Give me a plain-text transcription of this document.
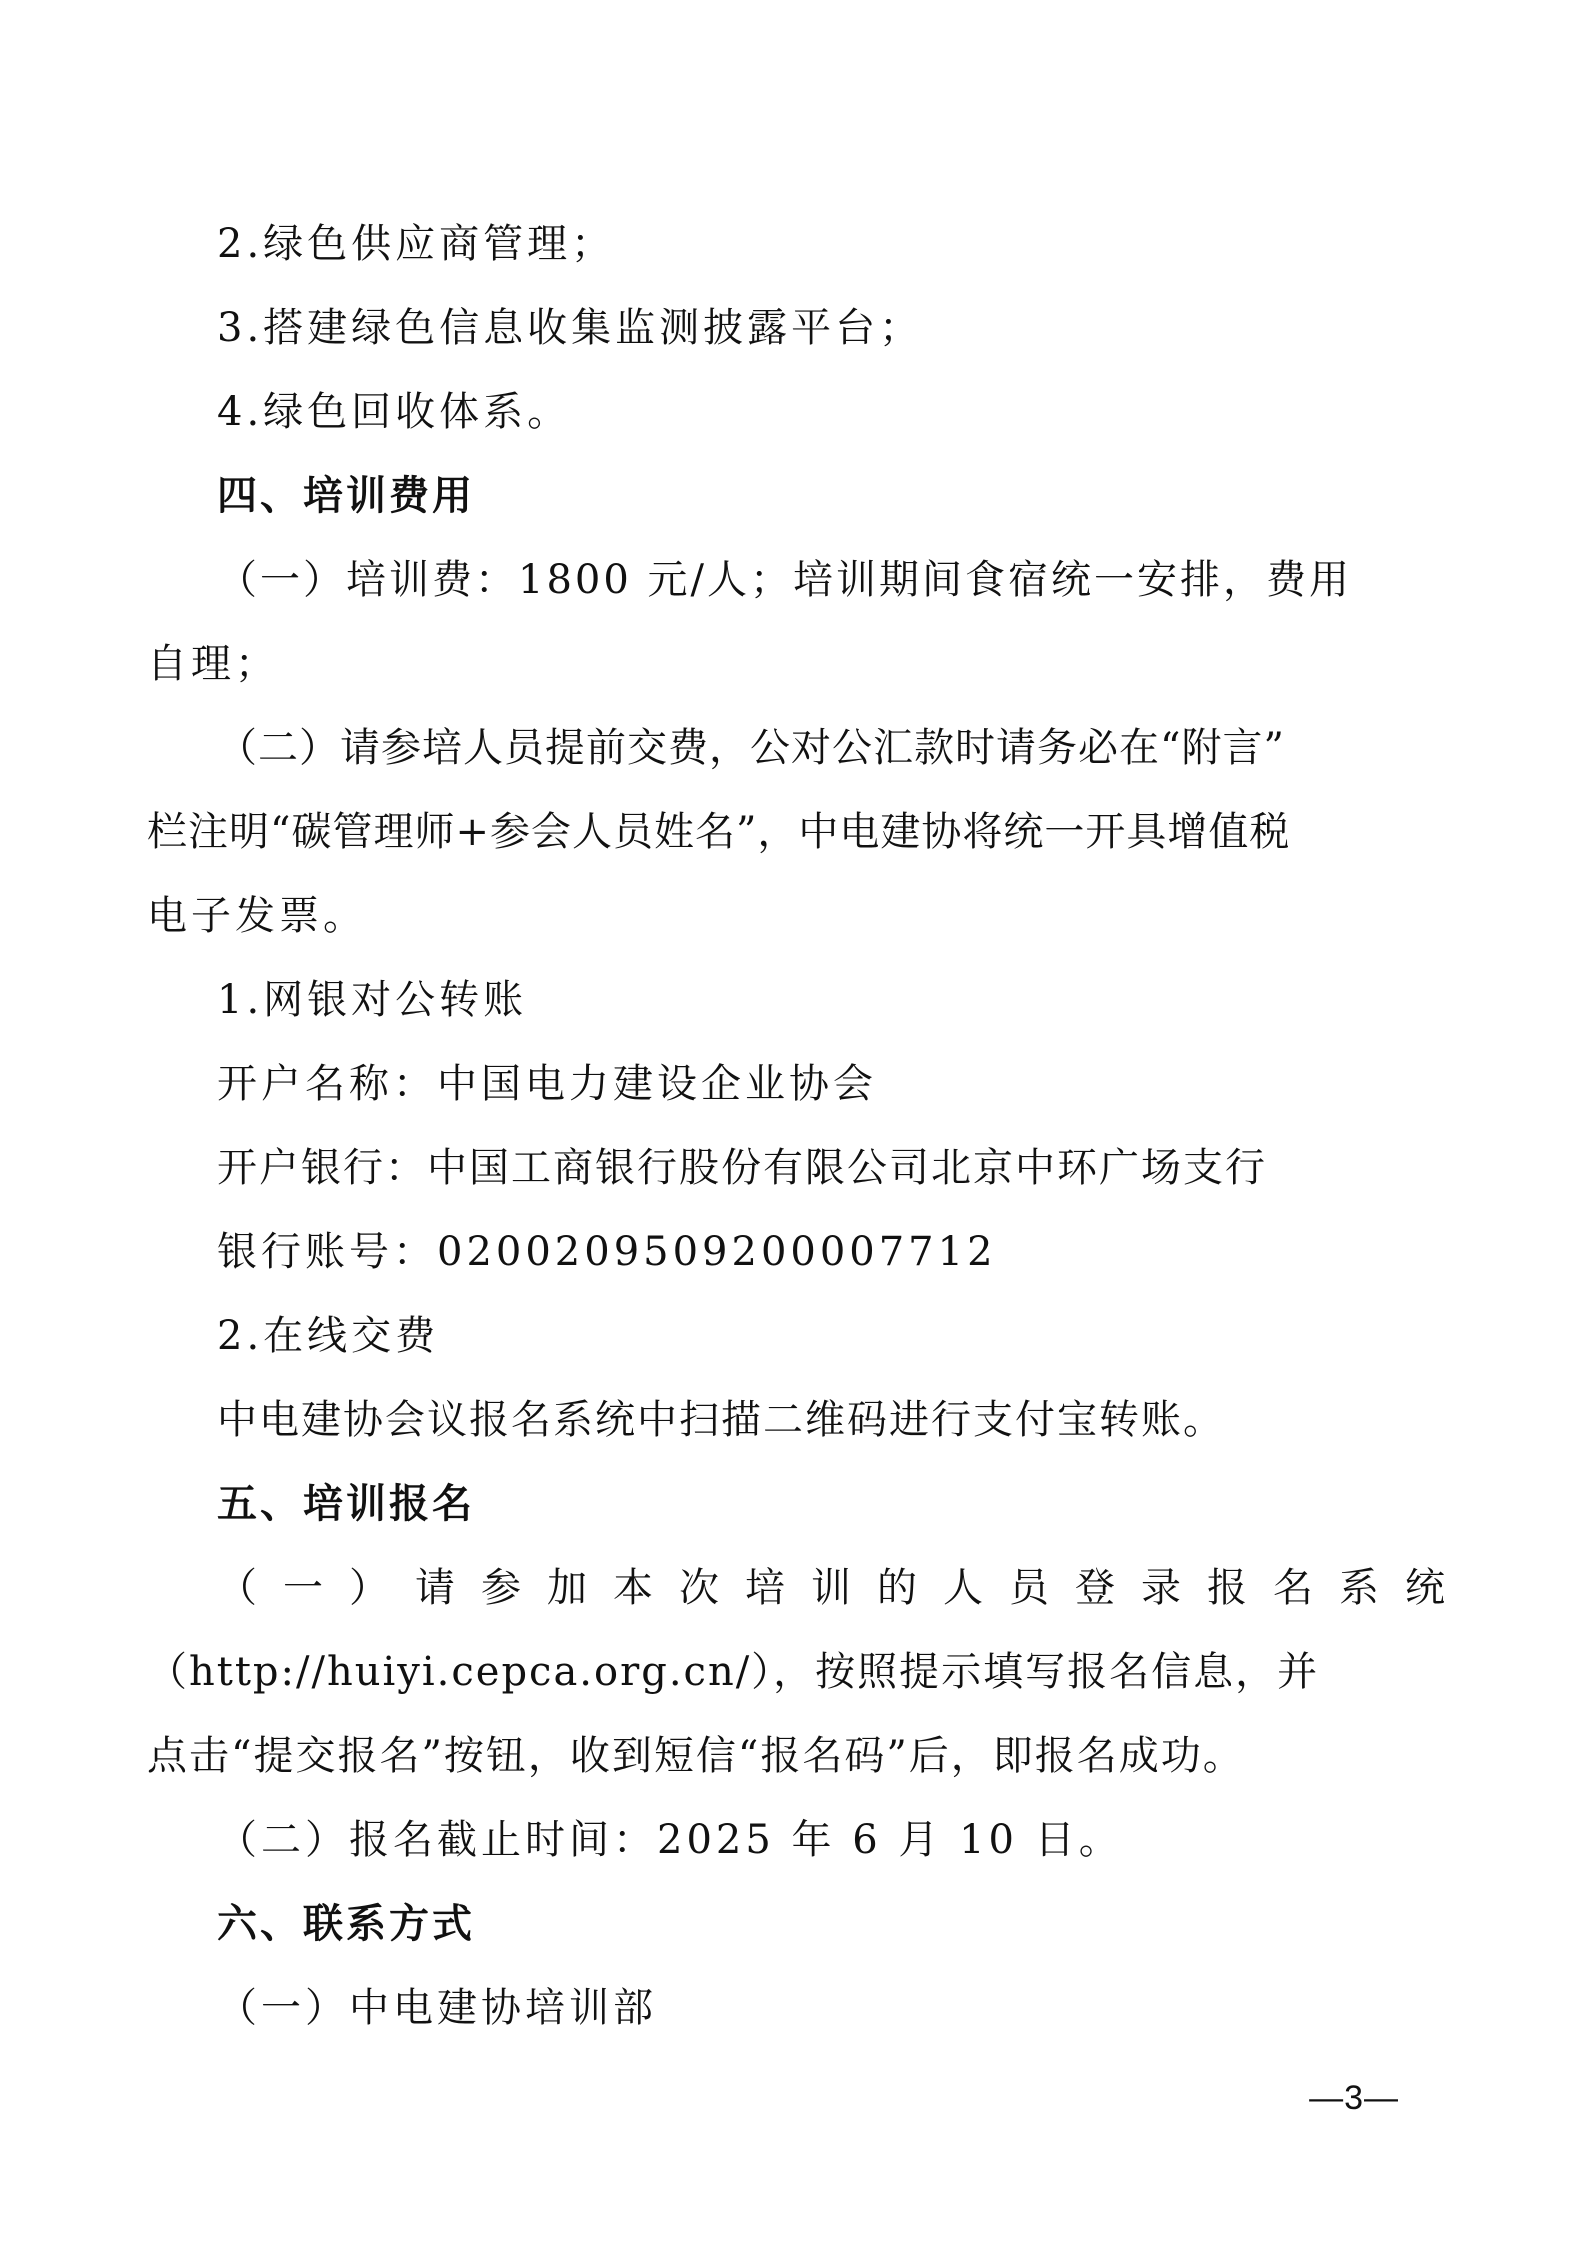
2.绿色供应商管理；
3.搭建绿色信息收集监测披露平台；
4.绿色回收体系。
四、培训费用
（一）培训费：1800 元/人；培训期间食宿统一安排，费用
自理；
（二）请参培人员提前交费，公对公汇款时请务必在“附言”
栏注明“碳管理师+参会人员姓名”，中电建协将统一开具增值税
电子发票。
1.网银对公转账
开户名称：中国电力建设企业协会
开户银行：中国工商银行股份有限公司北京中环广场支行
银行账号：0200209509200007712
2.在线交费
中电建协会议报名系统中扫描二维码进行支付宝转账。
五、培训报名
（一）请参加本次培训的人员登录报名系统
（http://huiyi.cepca.org.cn/），按照提示填写报名信息，并
点击“提交报名”按钮，收到短信“报名码”后，即报名成功。
（二）报名截止时间：2025 年 6 月 10 日。
六、联系方式
（一）中电建协培训部
—3—
